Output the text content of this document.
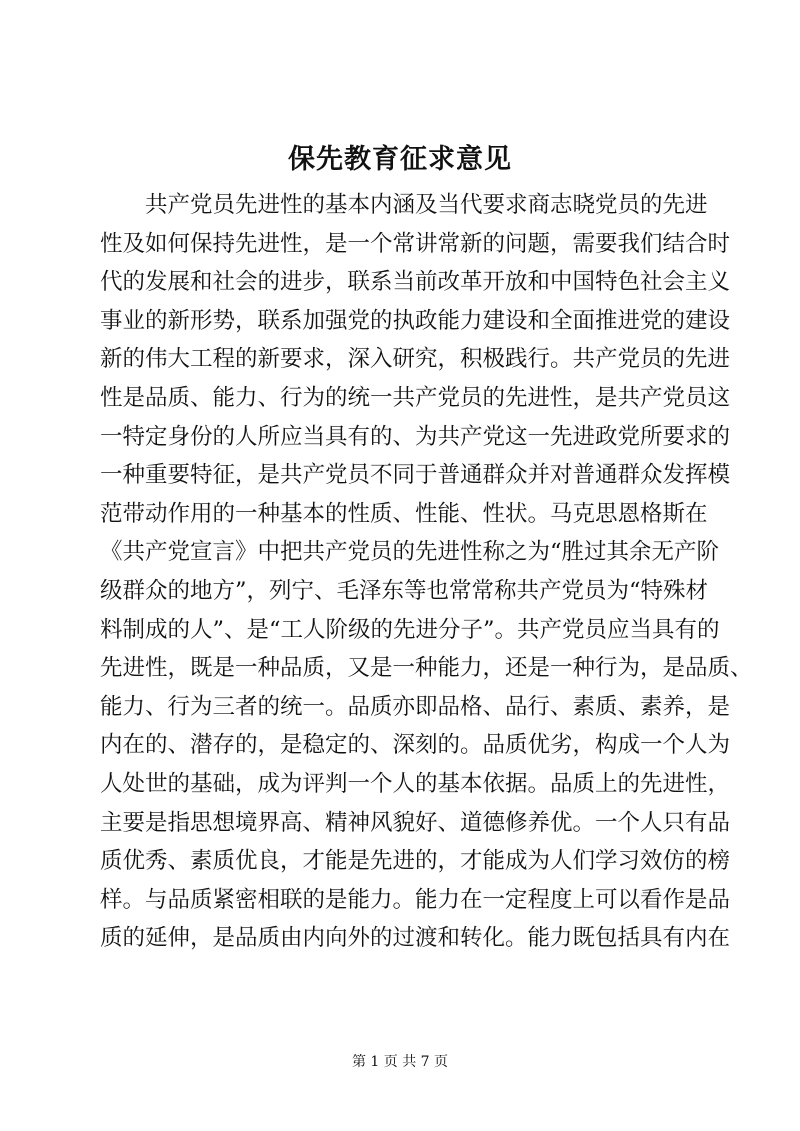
保先教育征求意见
　　共产党员先进性的基本内涵及当代要求商志晓党员的先进
性及如何保持先进性，是一个常讲常新的问题，需要我们结合时
代的发展和社会的进步，联系当前改革开放和中国特色社会主义
事业的新形势，联系加强党的执政能力建设和全面推进党的建设
新的伟大工程的新要求，深入研究，积极践行。共产党员的先进
性是品质、能力、行为的统一共产党员的先进性，是共产党员这
一特定身份的人所应当具有的、为共产党这一先进政党所要求的
一种重要特征，是共产党员不同于普通群众并对普通群众发挥模
范带动作用的一种基本的性质、性能、性状。马克思恩格斯在
《共产党宣言》中把共产党员的先进性称之为“胜过其余无产阶
级群众的地方”，列宁、毛泽东等也常常称共产党员为“特殊材
料制成的人”、是“工人阶级的先进分子”。共产党员应当具有的
先进性，既是一种品质，又是一种能力，还是一种行为，是品质、
能力、行为三者的统一。品质亦即品格、品行、素质、素养，是
内在的、潜存的，是稳定的、深刻的。品质优劣，构成一个人为
人处世的基础，成为评判一个人的基本依据。品质上的先进性，
主要是指思想境界高、精神风貌好、道德修养优。一个人只有品
质优秀、素质优良，才能是先进的，才能成为人们学习效仿的榜
样。与品质紧密相联的是能力。能力在一定程度上可以看作是品
质的延伸，是品质由内向外的过渡和转化。能力既包括具有内在
第 1 页 共 7 页
